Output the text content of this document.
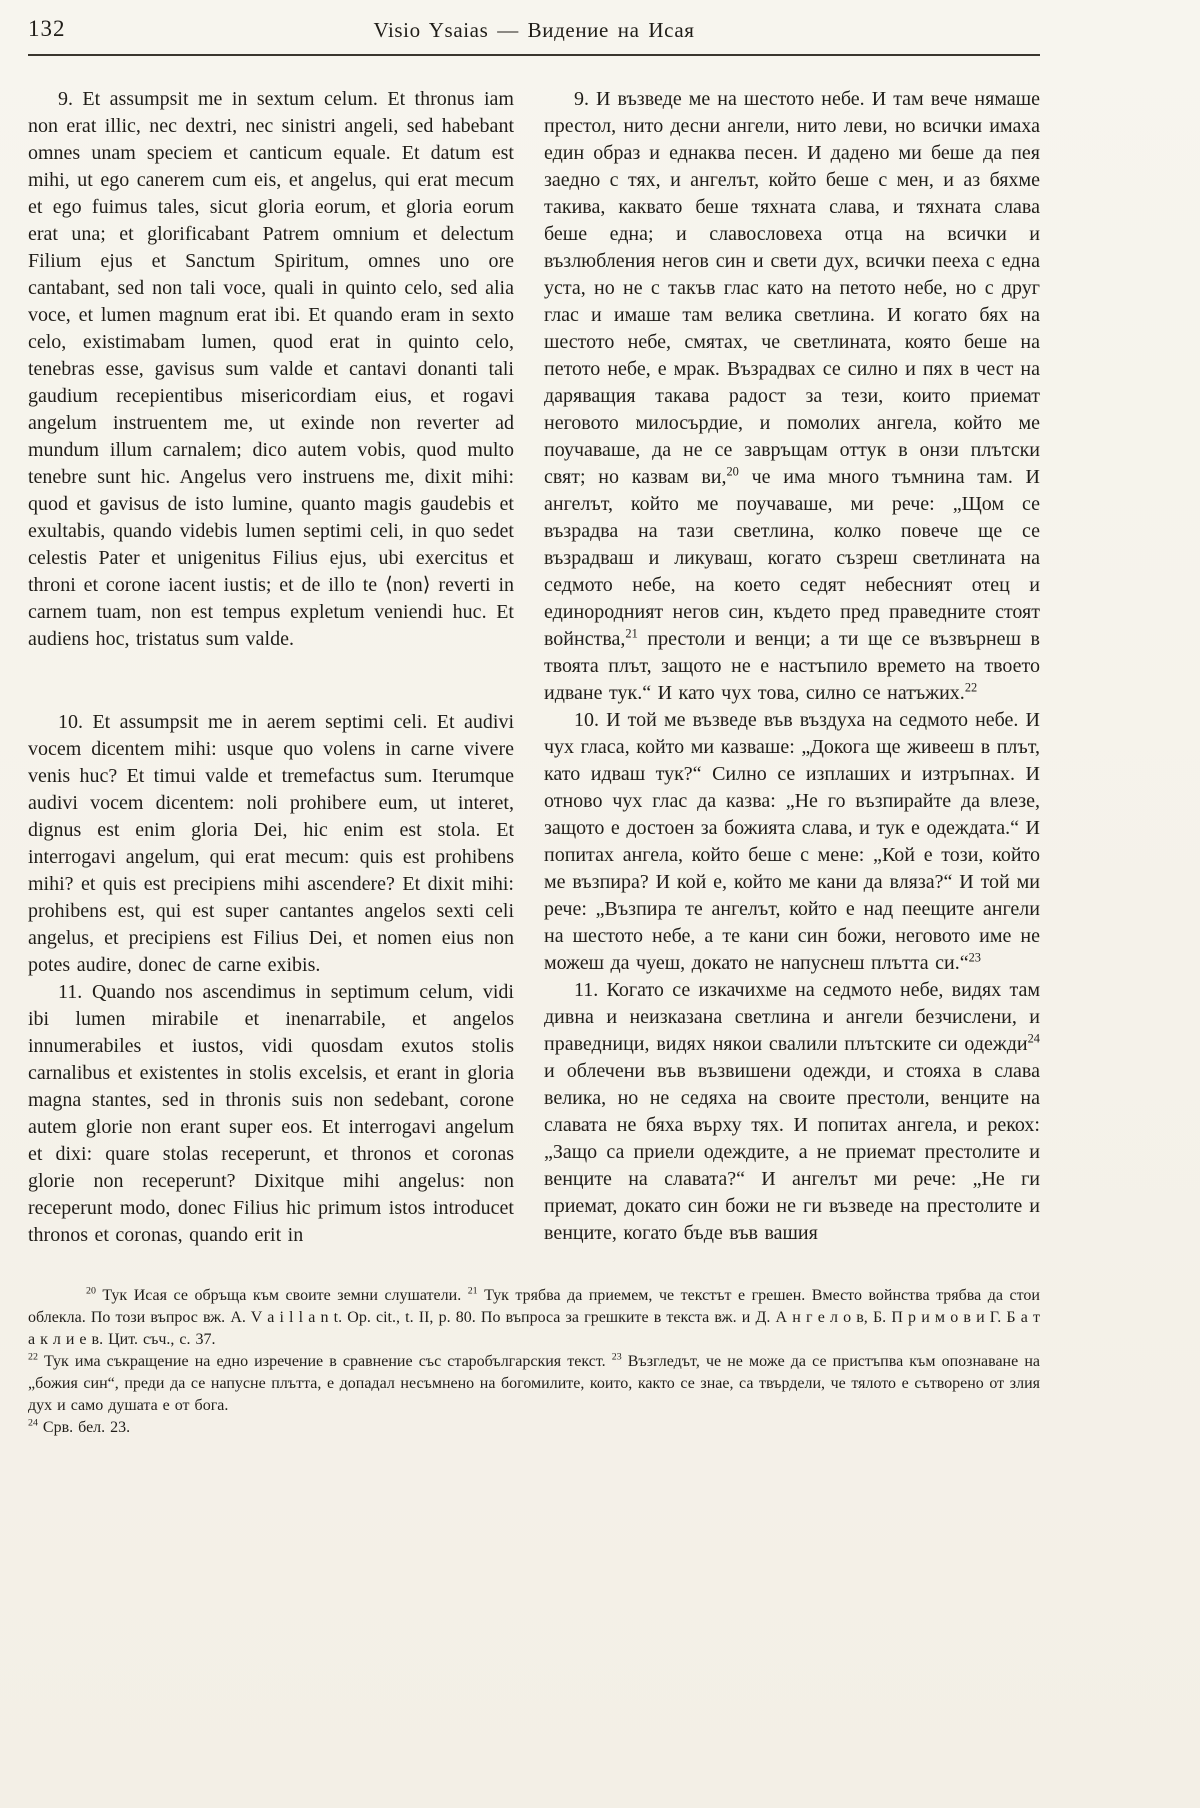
132	Visio Ysaias — Видение на Исая

9. Et assumpsit me in sextum celum. Et thronus iam non erat illic, nec dextri, nec sinistri angeli, sed habebant omnes unam speciem et canticum equale. Et datum est mihi, ut ego canerem cum eis, et angelus, qui erat mecum et ego fuimus tales, sicut gloria eorum, et gloria eorum erat una; et glorificabant Patrem omnium et delectum Filium ejus et Sanctum Spiritum, omnes uno ore cantabant, sed non tali voce, quali in quinto celo, sed alia voce, et lumen magnum erat ibi. Et quando eram in sexto celo, existimabam lumen, quod erat in quinto celo, tenebras esse, gavisus sum valde et cantavi donanti tali gaudium recepientibus misericordiam eius, et rogavi angelum instruentem me, ut exinde non reverter ad mundum illum carnalem; dico autem vobis, quod multo tenebre sunt hic. Angelus vero instruens me, dixit mihi: quod et gavisus de isto lumine, quanto magis gaudebis et exultabis, quando videbis lumen septimi celi, in quo sedet celestis Pater et unigenitus Filius ejus, ubi exercitus et throni et corone iacent iustis; et de illo te ⟨non⟩ reverti in carnem tuam, non est tempus expletum veniendi huc. Et audiens hoc, tristatus sum valde.

10. Et assumpsit me in aerem septimi celi. Et audivi vocem dicentem mihi: usque quo volens in carne vivere venis huc? Et timui valde et tremefactus sum. Iterumque audivi vocem dicentem: noli prohibere eum, ut interet, dignus est enim gloria Dei, hic enim est stola. Et interrogavi angelum, qui erat mecum: quis est prohibens mihi? et quis est precipiens mihi ascendere? Et dixit mihi: prohibens est, qui est super cantantes angelos sexti celi angelus, et precipiens est Filius Dei, et nomen eius non potes audire, donec de carne exibis.

11. Quando nos ascendimus in septimum celum, vidi ibi lumen mirabile et inenarrabile, et angelos innumerabiles et iustos, vidi quosdam exutos stolis carnalibus et existentes in stolis excelsis, et erant in gloria magna stantes, sed in thronis suis non sedebant, corone autem glorie non erant super eos. Et interrogavi angelum et dixi: quare stolas receperunt, et thronos et coronas glorie non receperunt? Dixitque mihi angelus: non receperunt modo, donec Filius hic primum istos introducet thronos et coronas, quando erit in

9. И възведе ме на шестото небе. И там вече нямаше престол, нито десни ангели, нито леви, но всички имаха един образ и еднаква песен. И дадено ми беше да пея заедно с тях, и ангелът, който беше с мен, и аз бяхме такива, каквато беше тяхната слава, и тяхната слава беше една; и славословеха отца на всички и възлюбления негов син и свети дух, всички пееха с една уста, но не с такъв глас като на петото небе, но с друг глас и имаше там велика светлина. И когато бях на шестото небе, смятах, че светлината, която беше на петото небе, е мрак. Възрадвах се силно и пях в чест на даряващия такава радост за тези, които приемат неговото милосърдие, и помолих ангела, който ме поучаваше, да не се завръщам оттук в онзи плътски свят; но казвам ви,$^{20}$ че има много тъмнина там. И ангелът, който ме поучаваше, ми рече: „Щом се възрадва на тази светлина, колко повече ще се възрадваш и ликуваш, когато съзреш светлината на седмото небе, на което седят небесният отец и единородният негов син, където пред праведните стоят войнства,$^{21}$ престоли и венци; а ти ще се възвърнеш в твоята плът, защото не е настъпило времето на твоето идване тук.“ И като чух това, силно се натъжих.$^{22}$

10. И той ме възведе във въздуха на седмото небе. И чух гласа, който ми казваше: „Докога ще живееш в плът, като идваш тук?“ Силно се изплаших и изтръпнах. И отново чух глас да казва: „Не го възпирайте да влезе, защото е достоен за божията слава, и тук е одеждата.“ И попитах ангела, който беше с мене: „Кой е този, който ме възпира? И кой е, който ме кани да вляза?“ И той ми рече: „Възпира те ангелът, който е над пеещите ангели на шестото небе, а те кани син божи, неговото име не можеш да чуеш, докато не напуснеш плътта си.“$^{23}$

11. Когато се изкачихме на седмото небе, видях там дивна и неизказана светлина и ангели безчислени, и праведници, видях някои свалили плътските си одежди$^{24}$ и облечени във възвишени одежди, и стояха в слава велика, но не седяха на своите престоли, венците на славата не бяха върху тях. И попитах ангела, и рекох: „Защо са приели одеждите, а не приемат престолите и венците на славата?“ И ангелът ми рече: „Не ги приемат, докато син божи не ги възведе на престолите и венците, когато бъде във вашия

$^{20}$ Тук Исая се обръща към своите земни слушатели. $^{21}$ Тук трябва да приемем, че текстът е грешен. Вместо войнства трябва да стои облекла. По този въпрос вж. A. V a i l l a n t. Op. cit., t. II, p. 80. По въпроса за грешките в текста вж. и Д. А н г е л о в, Б. П р и м о в и Г. Б а т а к л и е в. Цит. съч., с. 37.

$^{22}$ Тук има съкращение на едно изречение в сравнение със старобългарския текст. $^{23}$ Възгледът, че не може да се пристъпва към опознаване на „божия син“, преди да се напусне плътта, е допадал несъмнено на богомилите, които, както се знае, са твърдели, че тялото е сътворено от злия дух и само душата е от бога.

$^{24}$ Срв. бел. 23.
